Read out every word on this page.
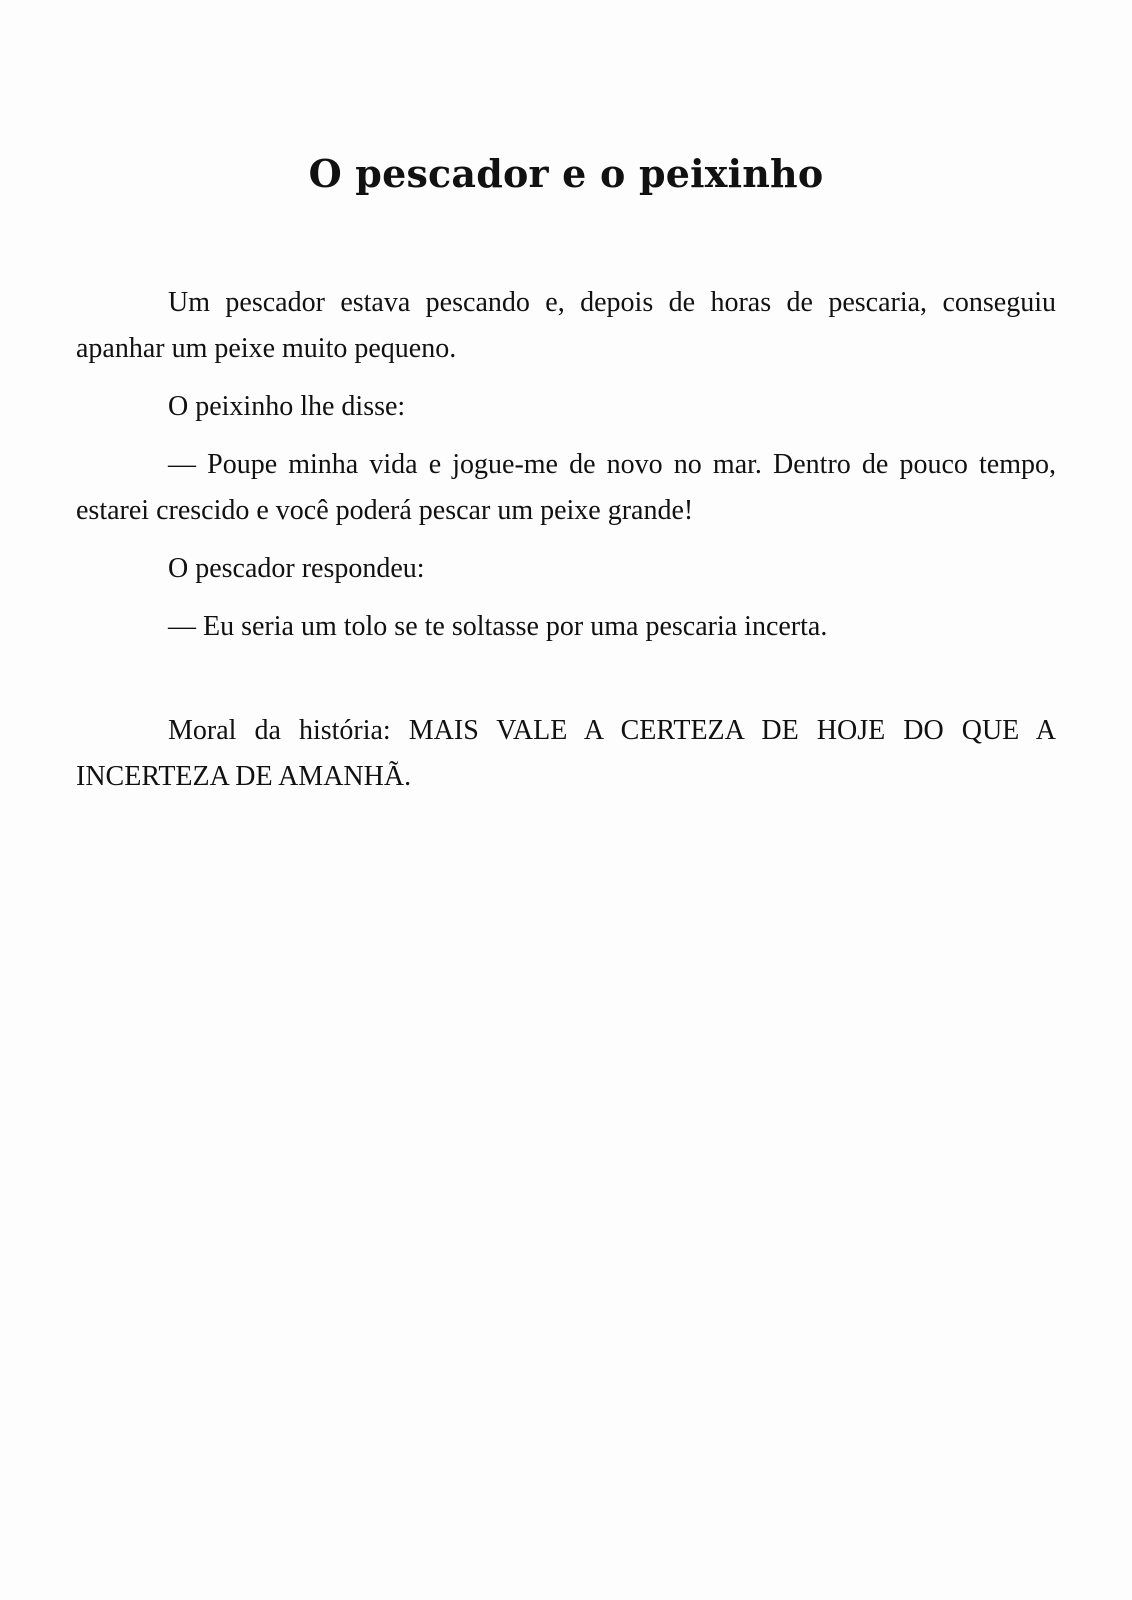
O pescador e o peixinho

Um pescador estava pescando e, depois de horas de pescaria, conseguiu apanhar um peixe muito pequeno.

O peixinho lhe disse:

— Poupe minha vida e jogue-me de novo no mar. Dentro de pouco tempo, estarei crescido e você poderá pescar um peixe grande!

O pescador respondeu:

— Eu seria um tolo se te soltasse por uma pescaria incerta.

Moral da história: MAIS VALE A CERTEZA DE HOJE DO QUE A INCERTEZA DE AMANHÃ.
